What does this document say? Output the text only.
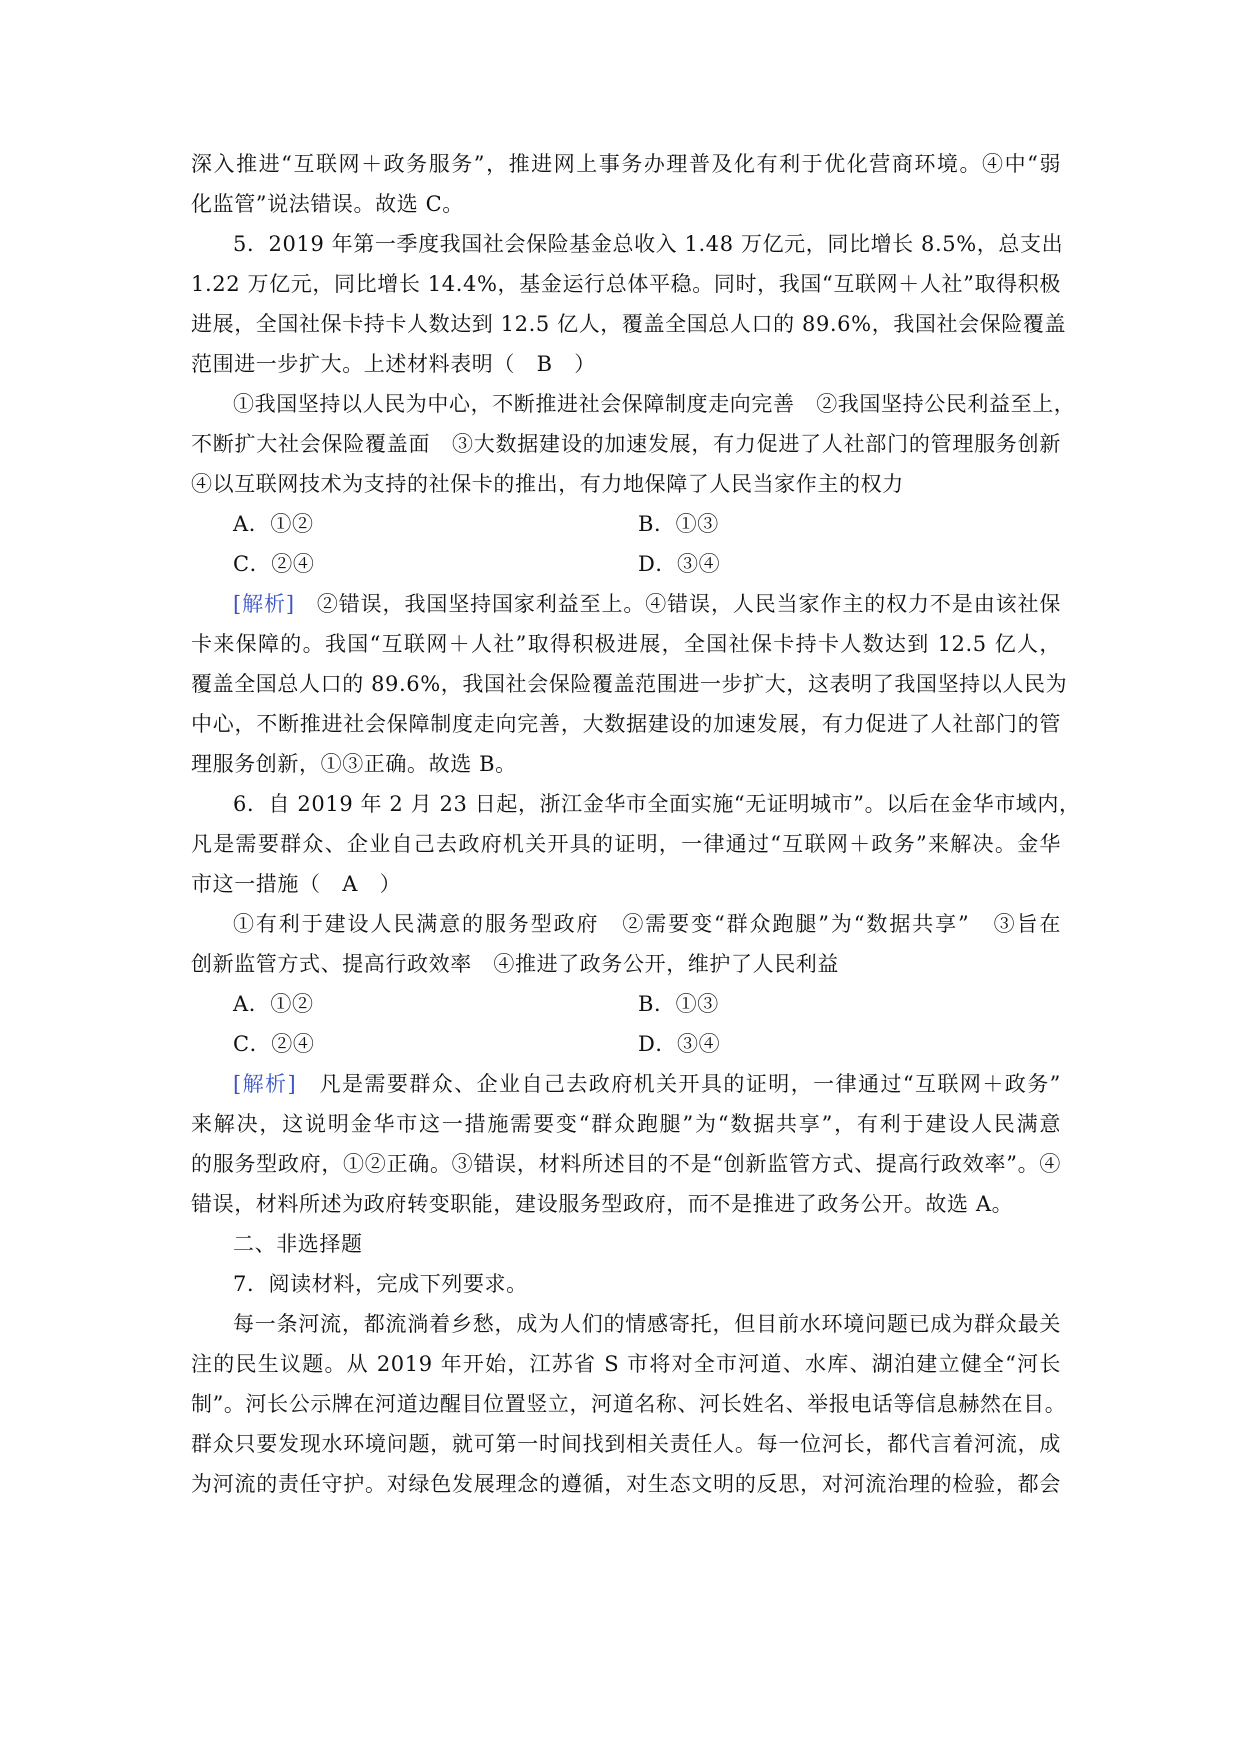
深入推进“互联网＋政务服务”，推进网上事务办理普及化有利于优化营商环境。④中“弱
化监管”说法错误。故选 C。
5．2019 年第一季度我国社会保险基金总收入 1.48 万亿元，同比增长 8.5%，总支出
1.22 万亿元，同比增长 14.4%，基金运行总体平稳。同时，我国“互联网＋人社”取得积极
进展，全国社保卡持卡人数达到 12.5 亿人，覆盖全国总人口的 89.6%，我国社会保险覆盖
范围进一步扩大。上述材料表明（　B　）
①我国坚持以人民为中心，不断推进社会保障制度走向完善　②我国坚持公民利益至上，
不断扩大社会保险覆盖面　③大数据建设的加速发展，有力促进了人社部门的管理服务创新
④以互联网技术为支持的社保卡的推出，有力地保障了人民当家作主的权力
A．①②	B．①③
C．②④	D．③④
[解析]　 ②错误，我国坚持国家利益至上。④错误，人民当家作主的权力不是由该社保
卡来保障的。我国“互联网＋人社”取得积极进展，全国社保卡持卡人数达到 12.5 亿人，
覆盖全国总人口的 89.6%，我国社会保险覆盖范围进一步扩大，这表明了我国坚持以人民为
中心，不断推进社会保障制度走向完善，大数据建设的加速发展，有力促进了人社部门的管
理服务创新，①③正确。故选 B。
6．自 2019 年 2 月 23 日起，浙江金华市全面实施“无证明城市”。以后在金华市域内，
凡是需要群众、企业自己去政府机关开具的证明，一律通过“互联网＋政务”来解决。金华
市这一措施（　A　）
①有利于建设人民满意的服务型政府　②需要变“群众跑腿”为“数据共享”　③旨在
创新监管方式、提高行政效率　④推进了政务公开，维护了人民利益
A．①②	B．①③
C．②④	D．③④
[解析]　 凡是需要群众、企业自己去政府机关开具的证明，一律通过“互联网＋政务”
来解决，这说明金华市这一措施需要变“群众跑腿”为“数据共享”，有利于建设人民满意
的服务型政府，①②正确。③错误，材料所述目的不是“创新监管方式、提高行政效率”。④
错误，材料所述为政府转变职能，建设服务型政府，而不是推进了政务公开。故选 A。
二、非选择题
7．阅读材料，完成下列要求。
每一条河流，都流淌着乡愁，成为人们的情感寄托，但目前水环境问题已成为群众最关
注的民生议题。从 2019 年开始，江苏省 S 市将对全市河道、水库、湖泊建立健全“河长
制”。河长公示牌在河道边醒目位置竖立，河道名称、河长姓名、举报电话等信息赫然在目。
群众只要发现水环境问题，就可第一时间找到相关责任人。每一位河长，都代言着河流，成
为河流的责任守护。对绿色发展理念的遵循，对生态文明的反思，对河流治理的检验，都会
